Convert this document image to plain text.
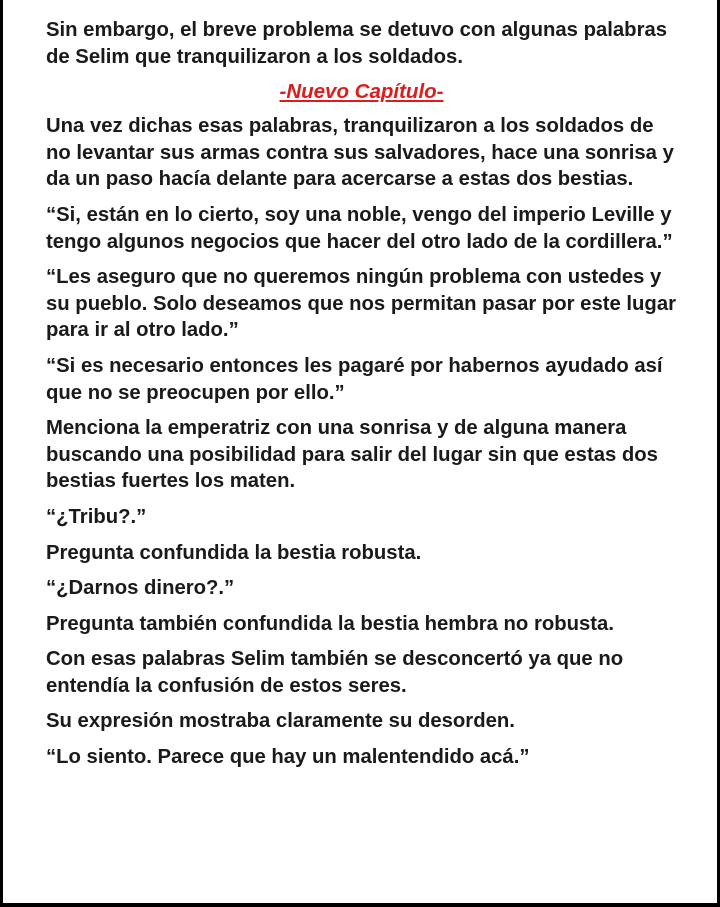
Sin embargo, el breve problema se detuvo con algunas palabras de Selim que tranquilizaron a los soldados.

-Nuevo Capítulo-

Una vez dichas esas palabras, tranquilizaron a los soldados de no levantar sus armas contra sus salvadores, hace una sonrisa y da un paso hacía delante para acercarse a estas dos bestias.

“Si, están en lo cierto, soy una noble, vengo del imperio Leville y tengo algunos negocios que hacer del otro lado de la cordillera.”

“Les aseguro que no queremos ningún problema con ustedes y su pueblo. Solo deseamos que nos permitan pasar por este lugar para ir al otro lado.”

“Si es necesario entonces les pagaré por habernos ayudado así que no se preocupen por ello.”

Menciona la emperatriz con una sonrisa y de alguna manera buscando una posibilidad para salir del lugar sin que estas dos bestias fuertes los maten.

“¿Tribu?.”

Pregunta confundida la bestia robusta.

“¿Darnos dinero?.”

Pregunta también confundida la bestia hembra no robusta.

Con esas palabras Selim también se desconcertó ya que no entendía la confusión de estos seres.

Su expresión mostraba claramente su desorden.

“Lo siento. Parece que hay un malentendido acá.”
